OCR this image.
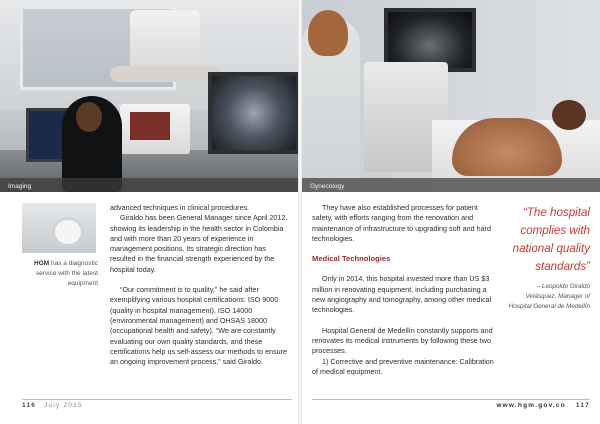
Imaging
HGM has a diagnostic service with the latest equipment

advanced techniques in clinical procedures.

Giraldo has been General Manager since April 2012, showing its leadership in the health sector in Colombia and with more than 20 years of experience in management positions. Its strategic direction has resulted in the financial strength experienced by the hospital today.

“Our commitment is to quality,” he said after exemplifying various hospital certifications: ISO 9000 (quality in hospital management), ISO 14000 (environmental management) and OHSAS 18000 (occupational health and safety). “We are constantly evaluating our own quality standards, and these certifications help us self-assess our methods to ensure an ongoing improvement process,” said Giraldo.

116 July 2015
Gynecology

They have also established processes for patient safety, with efforts ranging from the renovation and maintenance of infrastructure to upgrading soft and hard technologies.

Medical Technologies

Only in 2014, this hospital invested more than US $3 million in renovating equipment, including purchasing a new angiography and tomography, among other medical technologies.

Hospital General de Medellín constantly supports and renovates its medical instruments by following these two processes.

1) Corrective and preventive maintenance: Calibration of medical equipment.

“The hospital complies with national quality standards”
– Leopoldo Giraldo
Velásquez, Manager of Hospital General de Medellín
www.hgm.gov.co 117
